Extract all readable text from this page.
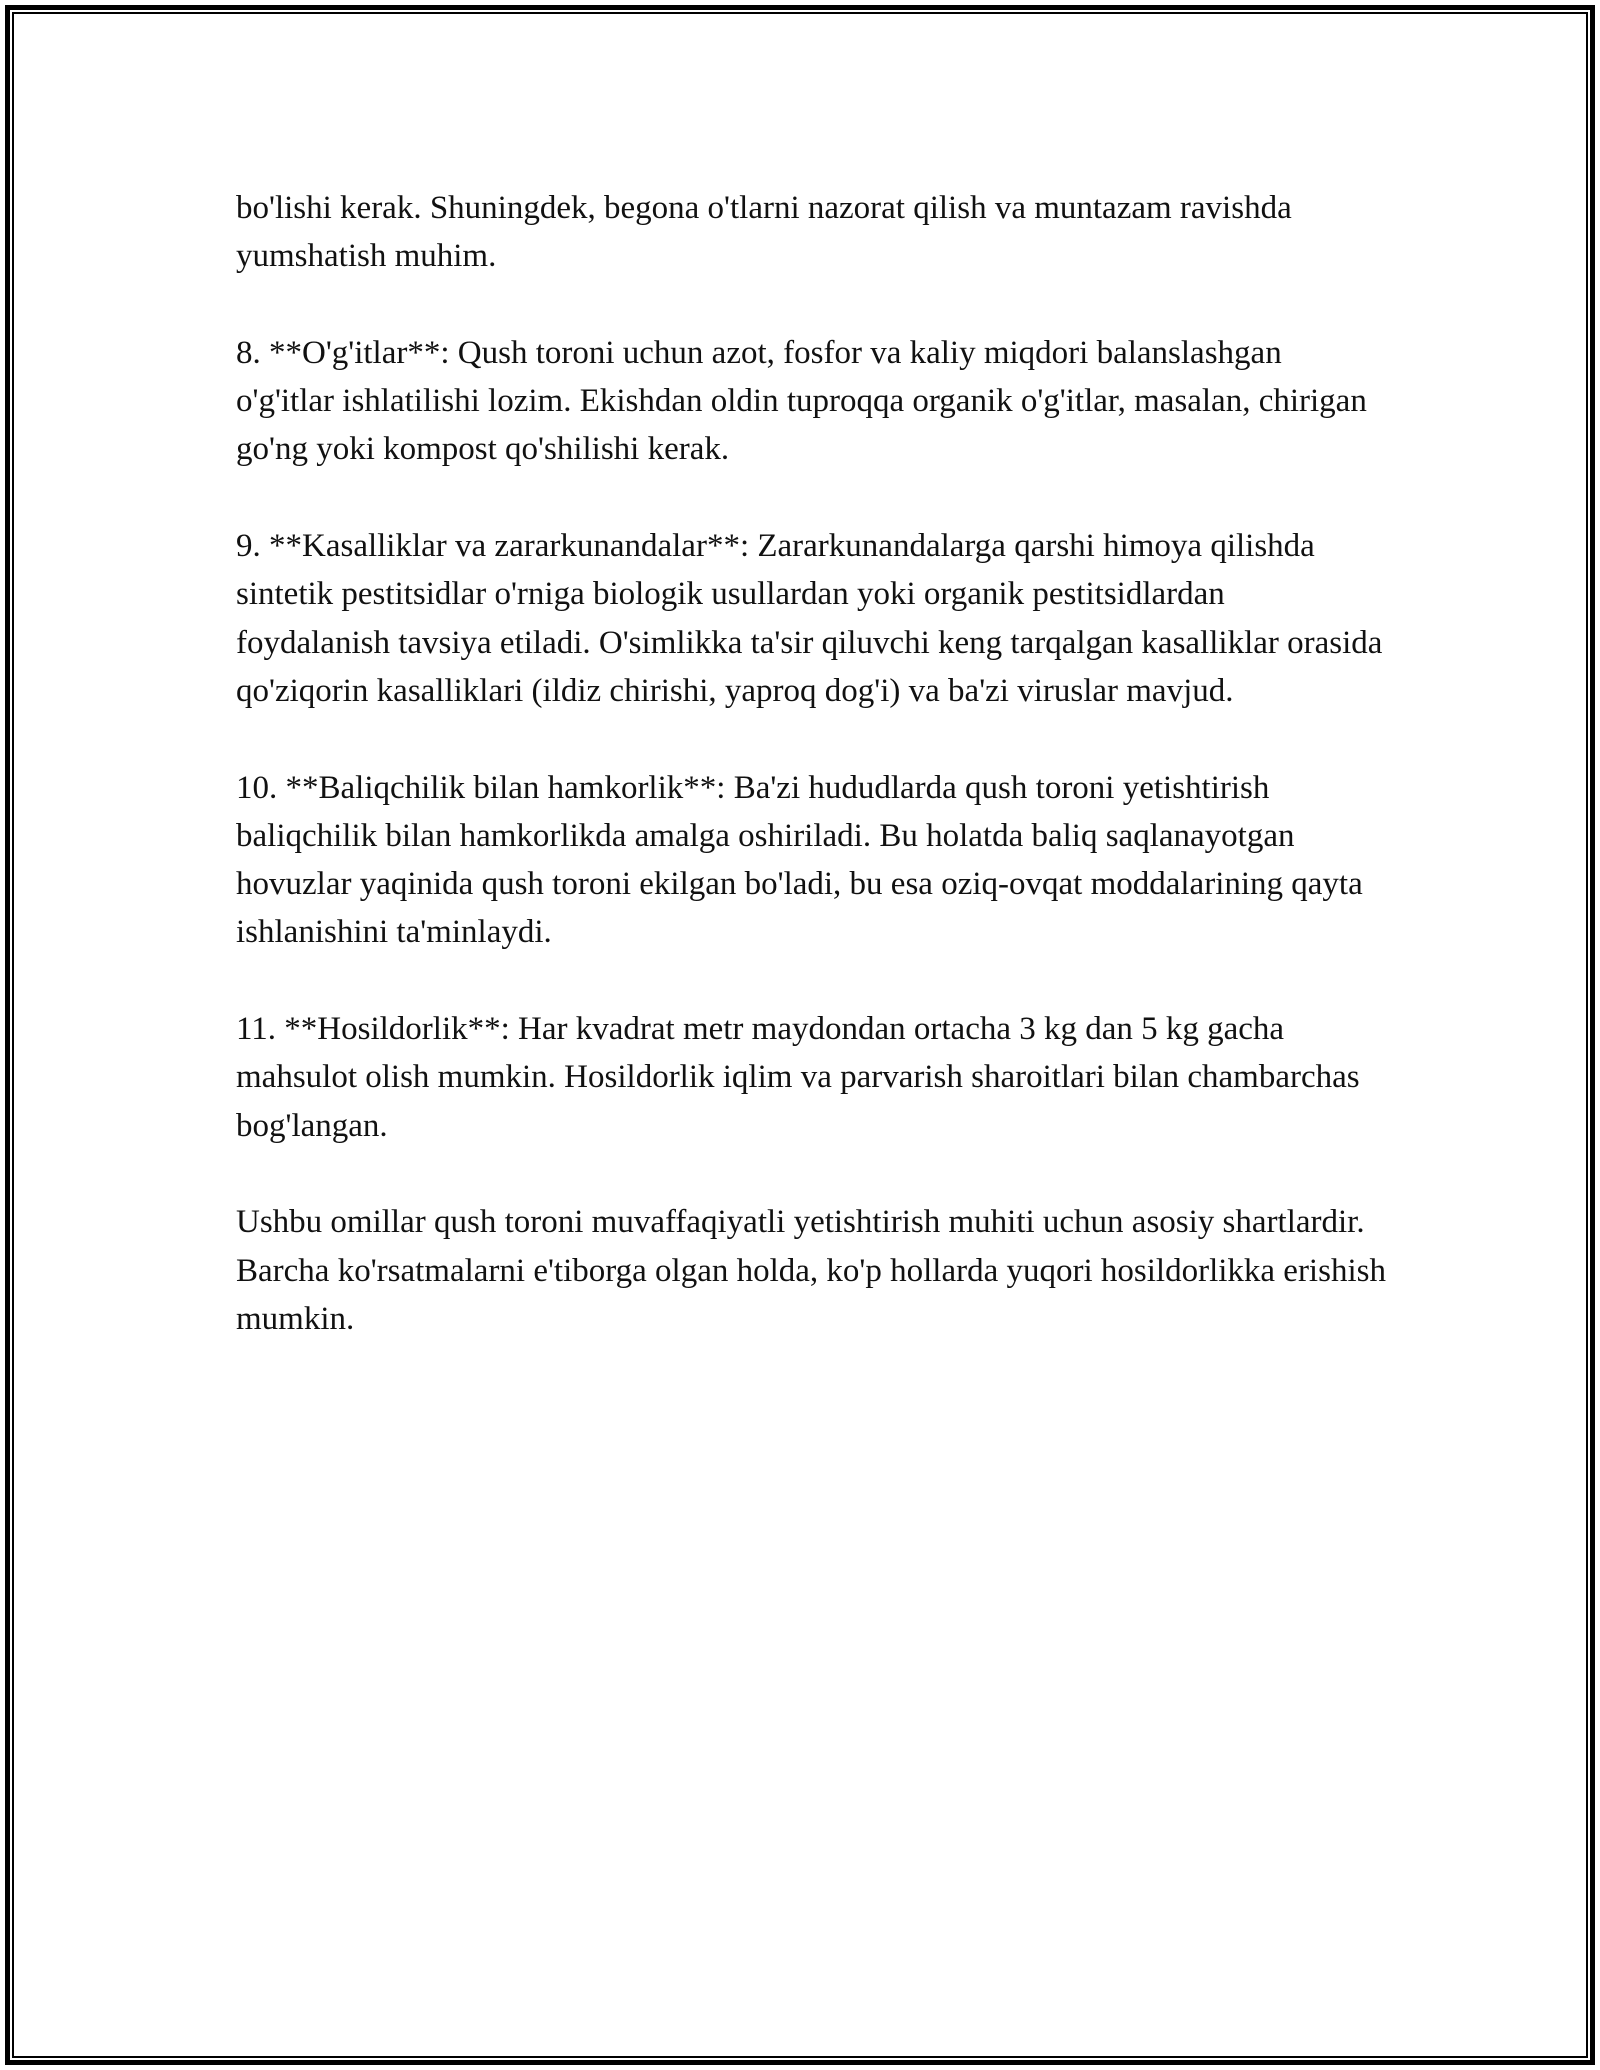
bo'lishi kerak. Shuningdek, begona o'tlarni nazorat qilish va muntazam ravishda yumshatish muhim.

8. **O'g'itlar**: Qush toroni uchun azot, fosfor va kaliy miqdori balanslashgan o'g'itlar ishlatilishi lozim. Ekishdan oldin tuproqqa organik o'g'itlar, masalan, chirigan go'ng yoki kompost qo'shilishi kerak.

9. **Kasalliklar va zararkunandalar**: Zararkunandalarga qarshi himoya qilishda sintetik pestitsidlar o'rniga biologik usullardan yoki organik pestitsidlardan foydalanish tavsiya etiladi. O'simlikka ta'sir qiluvchi keng tarqalgan kasalliklar orasida qo'ziqorin kasalliklari (ildiz chirishi, yaproq dog'i) va ba'zi viruslar mavjud.

10. **Baliqchilik bilan hamkorlik**: Ba'zi hududlarda qush toroni yetishtirish baliqchilik bilan hamkorlikda amalga oshiriladi. Bu holatda baliq saqlanayotgan hovuzlar yaqinida qush toroni ekilgan bo'ladi, bu esa oziq-ovqat moddalarining qayta ishlanishini ta'minlaydi.

11. **Hosildorlik**: Har kvadrat metr maydondan ortacha 3 kg dan 5 kg gacha mahsulot olish mumkin. Hosildorlik iqlim va parvarish sharoitlari bilan chambarchas bog'langan.

Ushbu omillar qush toroni muvaffaqiyatli yetishtirish muhiti uchun asosiy shartlardir. Barcha ko'rsatmalarni e'tiborga olgan holda, ko'p hollarda yuqori hosildorlikka erishish mumkin.
